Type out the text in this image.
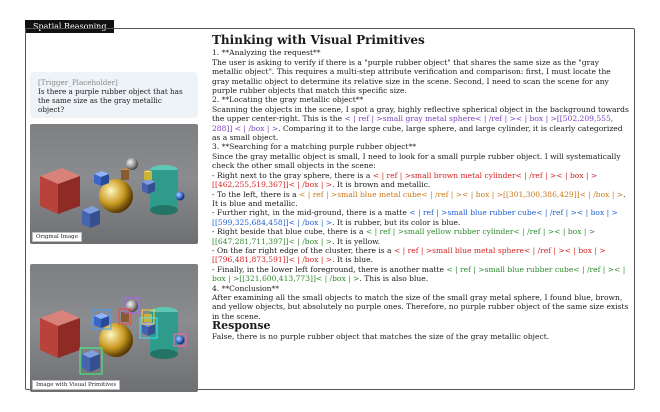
Spatial Reasoning
[Trigger_Placeholder]
Is there a purple rubber object that has the same size as the gray metallic object?
Original Image
Image with Visual Primitives
Thinking with Visual Primitives

1. **Analyzing the request**

The user is asking to verify if there is a "purple rubber object" that shares the same size as the "gray metallic object". This requires a multi-step attribute verification and comparison: first, I must locate the gray metallic object to determine its relative size in the scene. Second, I need to scan the scene for any purple rubber objects that match this specific size.

2. **Locating the gray metallic object**

Scanning the objects in the scene, I spot a gray, highly reflective spherical object in the background towards the upper center-right. This is the < | ref | >small gray metal sphere< | /ref | >< | box | >[[502,209,555, 288]] < | /box | >. Comparing it to the large cube, large sphere, and large cylinder, it is clearly categorized as a small object.

3. **Searching for a matching purple rubber object**

Since the gray metallic object is small, I need to look for a small purple rubber object. I will systematically check the other small objects in the scene:

- Right next to the gray sphere, there is a < | ref | >small brown metal cylinder< | /ref | >< | box | >[[462,255,519,367]]< | /box | >. It is brown and metallic.

- To the left, there is a < | ref | >small blue metal cube< | /ref | >< | box | >[[301,300,386,429]]< | /box | >. It is blue and metallic.

- Further right, in the mid-ground, there is a matte < | ref | >small blue rubber cube< | /ref | >< | box | >[[599,325,684,458]]< | /box | >. It is rubber, but its color is blue.

- Right beside that blue cube, there is a < | ref | >small yellow rubber cylinder< | /ref | >< | box | >[[647,281,711,397]]< | /box | >. It is yellow.

- On the far right edge of the cluster, there is a < | ref | >small blue metal sphere< | /ref | >< | box | >[[796,481,873,591]]< | /box | >. It is blue.

- Finally, in the lower left foreground, there is another matte < | ref | >small blue rubber cube< | /ref | >< | box | >[[321,600,413,773]]< | /box | >. This is also blue.

4. **Conclusion**

After examining all the small objects to match the size of the small gray metal sphere, I found blue, brown, and yellow objects, but absolutely no purple ones. Therefore, no purple rubber object of the same size exists in the scene.

Response

False, there is no purple rubber object that matches the size of the gray metallic object.
